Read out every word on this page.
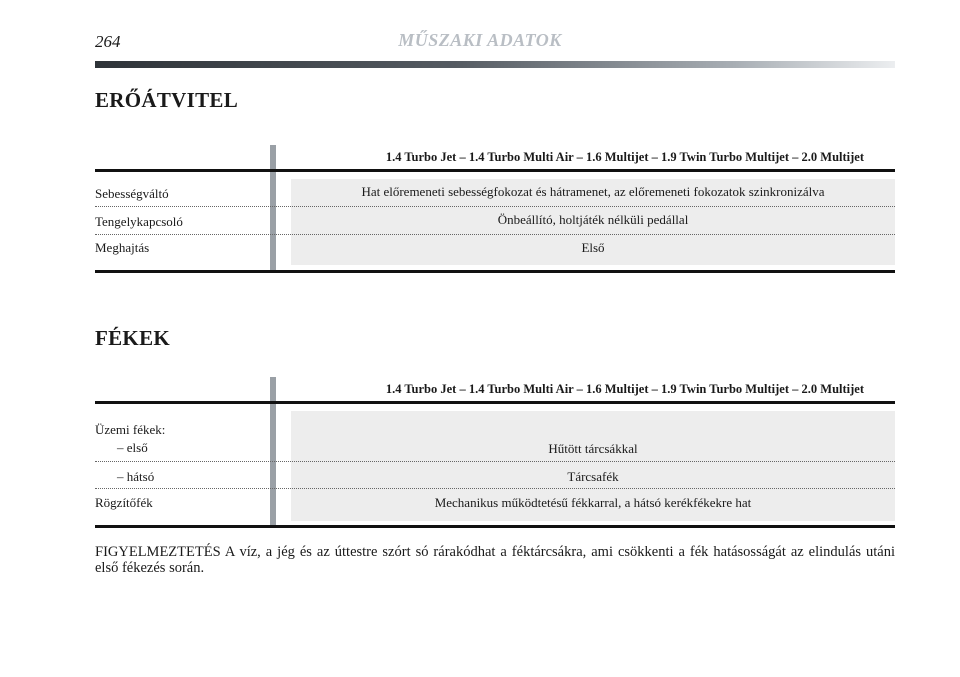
264	MŰSZAKI ADATOK
ERŐÁTVITEL
1.4 Turbo Jet – 1.4 Turbo Multi Air – 1.6 Multijet – 1.9 Twin Turbo Multijet – 2.0 Multijet
Sebességváltó	Hat előremeneti sebességfokozat és hátramenet, az előremeneti fokozatok szinkronizálva
Tengelykapcsoló	Önbeállító, holtjáték nélküli pedállal
Meghajtás	Első
FÉKEK
1.4 Turbo Jet – 1.4 Turbo Multi Air – 1.6 Multijet – 1.9 Twin Turbo Multijet – 2.0 Multijet
Üzemi fékek:
– első	Hűtött tárcsákkal
– hátsó	Tárcsafék
Rögzítőfék	Mechanikus működtetésű fékkarral, a hátsó kerékfékekre hat
FIGYELMEZTETÉS A víz, a jég és az úttestre szórt só rárakódhat a féktárcsákra, ami csökkenti a fék hatásosságát az elindulás utáni első fékezés során.
